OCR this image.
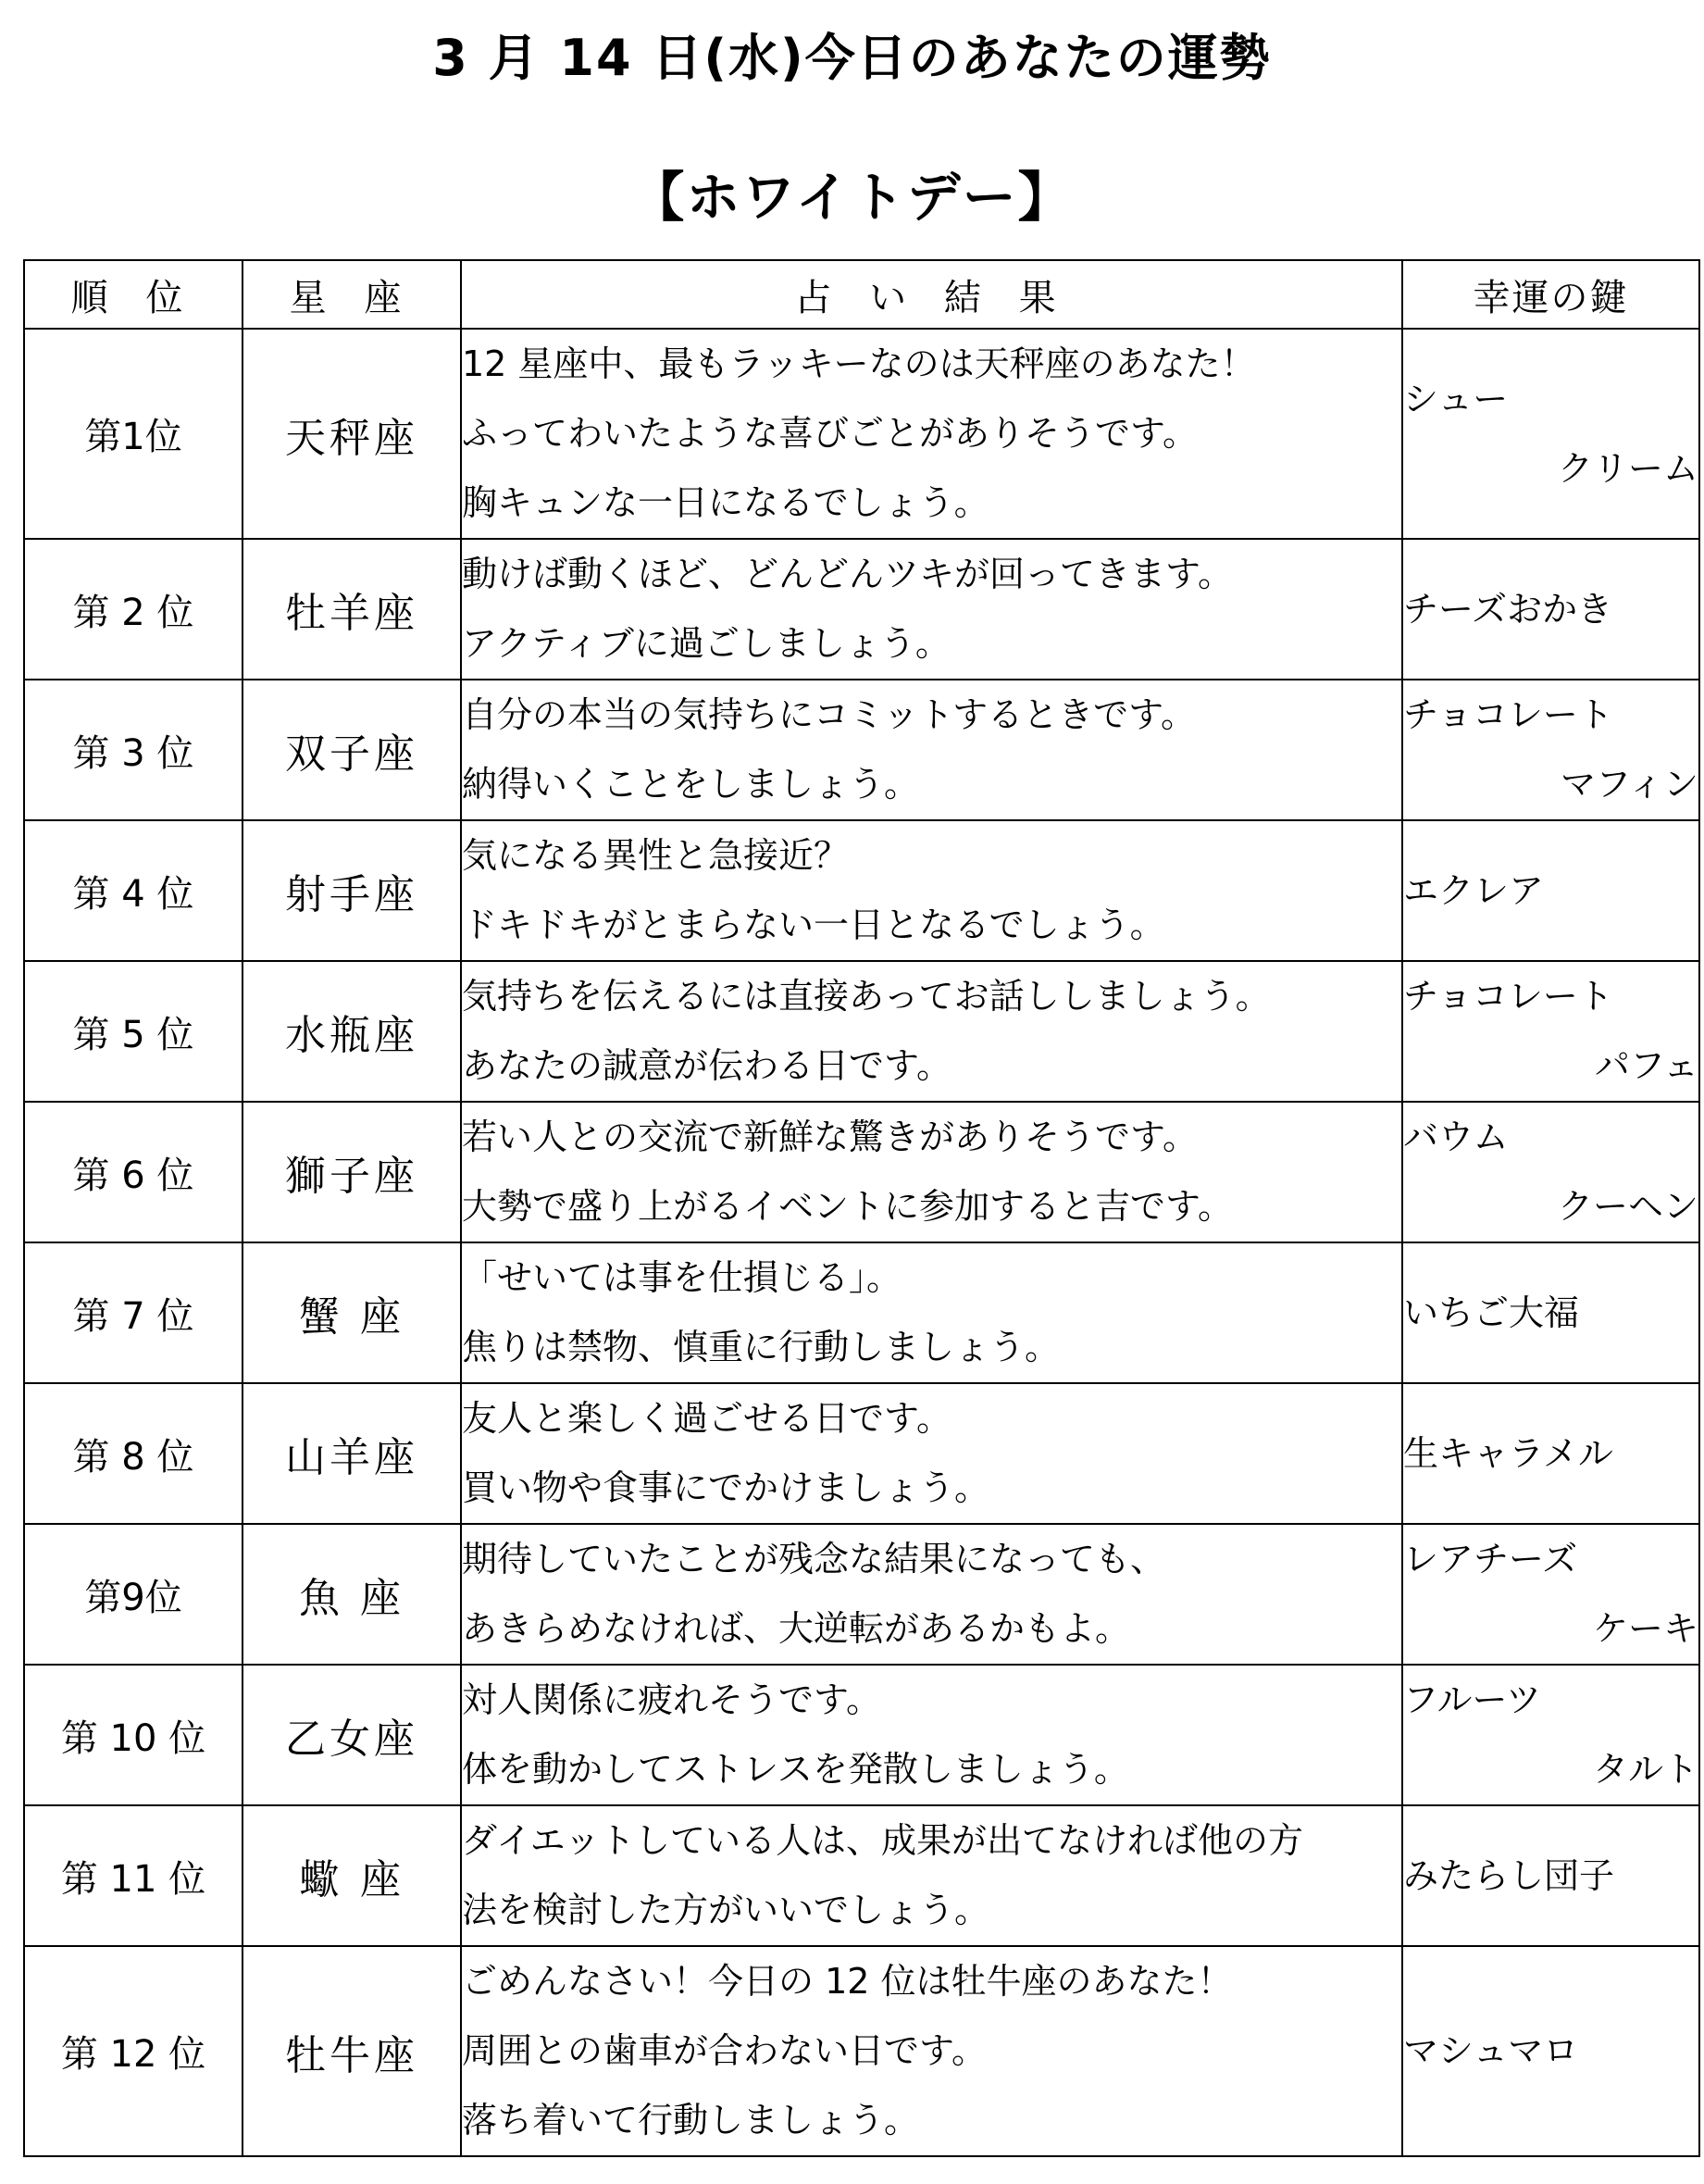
3 月 14 日(水)今日のあなたの運勢
【ホワイトデー】
順 位	星 座	占 い 結 果	幸運の鍵
第1位	天秤座	12 星座中、最もラッキーなのは天秤座のあなた！
ふってわいたような喜びごとがありそうです。
胸キュンな一日になるでしょう。	シュー
クリーム

第 2 位	牡羊座	動けば動くほど、どんどんツキが回ってきます。
アクティブに過ごしましょう。	チーズおかき

第 3 位	双子座	自分の本当の気持ちにコミットするときです。
納得いくことをしましょう。	チョコレート
マフィン

第 4 位	射手座	気になる異性と急接近？
ドキドキがとまらない一日となるでしょう。	エクレア

第 5 位	水瓶座	気持ちを伝えるには直接あってお話ししましょう。
あなたの誠意が伝わる日です。	チョコレート
パフェ

第 6 位	獅子座	若い人との交流で新鮮な驚きがありそうです。
大勢で盛り上がるイベントに参加すると吉です。	バウム
クーヘン

第 7 位	蟹 座	「せいては事を仕損じる」。
焦りは禁物、慎重に行動しましょう。	いちご大福

第 8 位	山羊座	友人と楽しく過ごせる日です。
買い物や食事にでかけましょう。	生キャラメル

第9位	魚 座	期待していたことが残念な結果になっても、
あきらめなければ、大逆転があるかもよ。	レアチーズ
ケーキ

第 10 位	乙女座	対人関係に疲れそうです。
体を動かしてストレスを発散しましょう。	フルーツ
タルト

第 11 位	蠍 座	ダイエットしている人は、成果が出てなければ他の方
法を検討した方がいいでしょう。	みたらし団子

第 12 位	牡牛座	ごめんなさい！今日の 12 位は牡牛座のあなた！
周囲との歯車が合わない日です。
落ち着いて行動しましょう。	マシュマロ
